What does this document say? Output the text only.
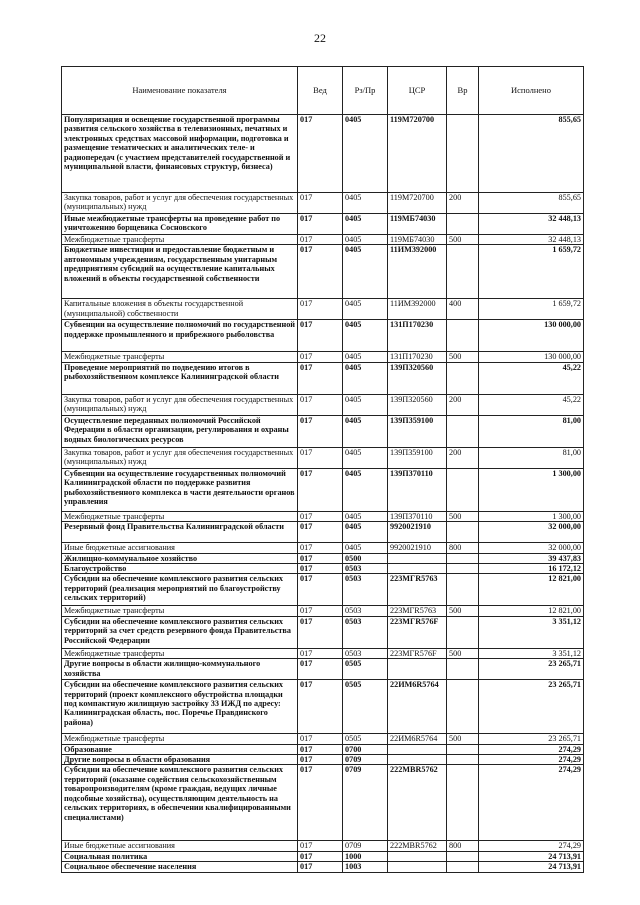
22
Наименование показателя	Вед	Рз/Пр	ЦСР	Вр	Исполнено
Популяризация и освещение государственной программы развития сельского хозяйства в телевизионных, печатных и электронных средствах массовой информации, подготовка и размещение тематических и аналитических теле- и радиопередач (с участием представителей государственной и муниципальной власти, финансовых структур, бизнеса)	017	0405	119М720700		855,65
Закупка товаров, работ и услуг для обеспечения государственных (муниципальных) нужд	017	0405	119М720700	200	855,65
Иные межбюджетные трансферты на проведение работ по уничтожению борщевика Сосновского	017	0405	119МБ74030		32 448,13
Межбюджетные трансферты	017	0405	119МБ74030	500	32 448,13
Бюджетные инвестиции и предоставление бюджетным и автономным учреждениям, государственным унитарным предприятиям субсидий на осуществление капитальных вложений в объекты государственной собственности	017	0405	11ИМ392000		1 659,72
Капитальные вложения в объекты государственной (муниципальной) собственности	017	0405	11ИМ392000	400	1 659,72
Субвенции на осуществление полномочий по государственной поддержке промышленного и прибрежного рыболовства	017	0405	131П170230		130 000,00
Межбюджетные трансферты	017	0405	131П170230	500	130 000,00
Проведение мероприятий по подведению итогов в рыбохозяйственном комплексе Калининградской области	017	0405	139П320560		45,22
Закупка товаров, работ и услуг для обеспечения государственных (муниципальных) нужд	017	0405	139П320560	200	45,22
Осуществление переданных полномочий Российской Федерации в области организации, регулирования и охраны водных биологических ресурсов	017	0405	139П359100		81,00
Закупка товаров, работ и услуг для обеспечения государственных (муниципальных) нужд	017	0405	139П359100	200	81,00
Субвенции на осуществление государственных полномочий Калининградской области по поддержке развития рыбохозяйственного комплекса в части деятельности органов управления	017	0405	139П370110		1 300,00
Межбюджетные трансферты	017	0405	139П370110	500	1 300,00
Резервный фонд Правительства Калининградской области	017	0405	9920021910		32 000,00
Иные бюджетные ассигнования	017	0405	9920021910	800	32 000,00
Жилищно-коммунальное хозяйство	017	0500			39 437,83
Благоустройство	017	0503			16 172,12
Субсидии на обеспечение комплексного развития сельских территорий (реализация мероприятий по благоустройству сельских территорий)	017	0503	223МГR5763		12 821,00
Межбюджетные трансферты	017	0503	223МГR5763	500	12 821,00
Субсидии на обеспечение комплексного развития сельских территорий за счет средств резервного фонда Правительства Российской Федерации	017	0503	223МГR576F		3 351,12
Межбюджетные трансферты	017	0503	223МГR576F	500	3 351,12
Другие вопросы в области жилищно-коммунального хозяйства	017	0505			23 265,71
Субсидии на обеспечение комплексного развития сельских территорий (проект комплексного обустройства площадки под компактную жилищную застройку 33 ИЖД по адресу: Калининградская область, пос. Поречье Правдинского района)	017	0505	22ИМ6R5764		23 265,71
Межбюджетные трансферты	017	0505	22ИМ6R5764	500	23 265,71
Образование	017	0700			274,29
Другие вопросы в области образования	017	0709			274,29
Субсидии на обеспечение комплексного развития сельских территорий (оказание содействия сельскохозяйственным товаропроизводителям (кроме граждан, ведущих личные подсобные хозяйства), осуществляющим деятельность на сельских территориях, в обеспечении квалифицированными специалистами)	017	0709	222МВR5762		274,29
Иные бюджетные ассигнования	017	0709	222МВR5762	800	274,29
Социальная политика	017	1000			24 713,91
Социальное обеспечение населения	017	1003			24 713,91
